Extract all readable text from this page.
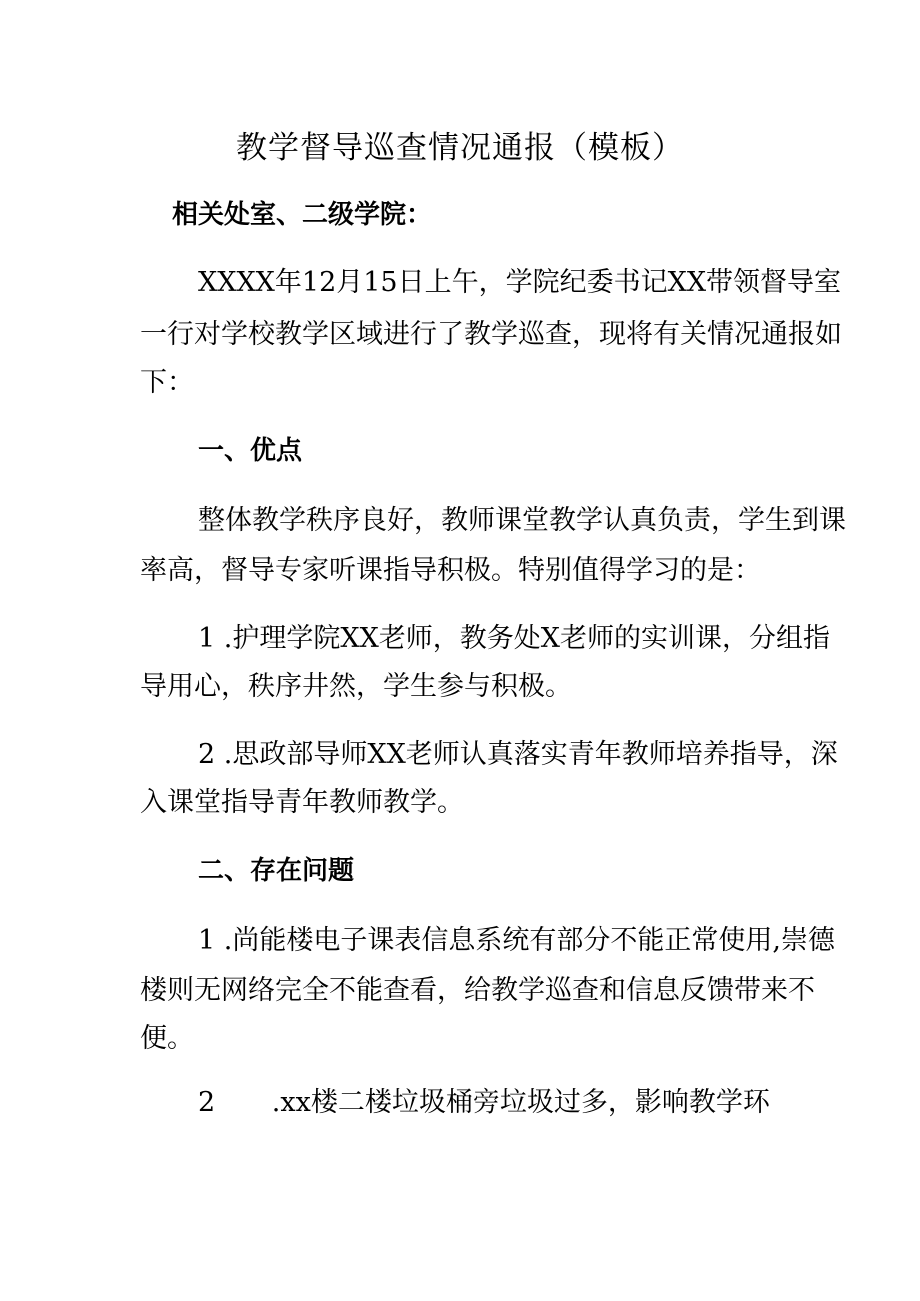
教学督导巡查情况通报（模板）
相关处室、二级学院：
XXXX年12月15日上午，学院纪委书记XX带领督导室
一行对学校教学区域进行了教学巡查，现将有关情况通报如
下：
一、优点
整体教学秩序良好，教师课堂教学认真负责，学生到课
率高，督导专家听课指导积极。特别值得学习的是：
1 .护理学院XX老师，教务处X老师的实训课，分组指
导用心，秩序井然，学生参与积极。
2 .思政部导师XX老师认真落实青年教师培养指导，深
入课堂指导青年教师教学。
二、存在问题
1 .尚能楼电子课表信息系统有部分不能正常使用,崇德
楼则无网络完全不能查看，给教学巡查和信息反馈带来不
便。
2 .xx楼二楼垃圾桶旁垃圾过多，影响教学环
